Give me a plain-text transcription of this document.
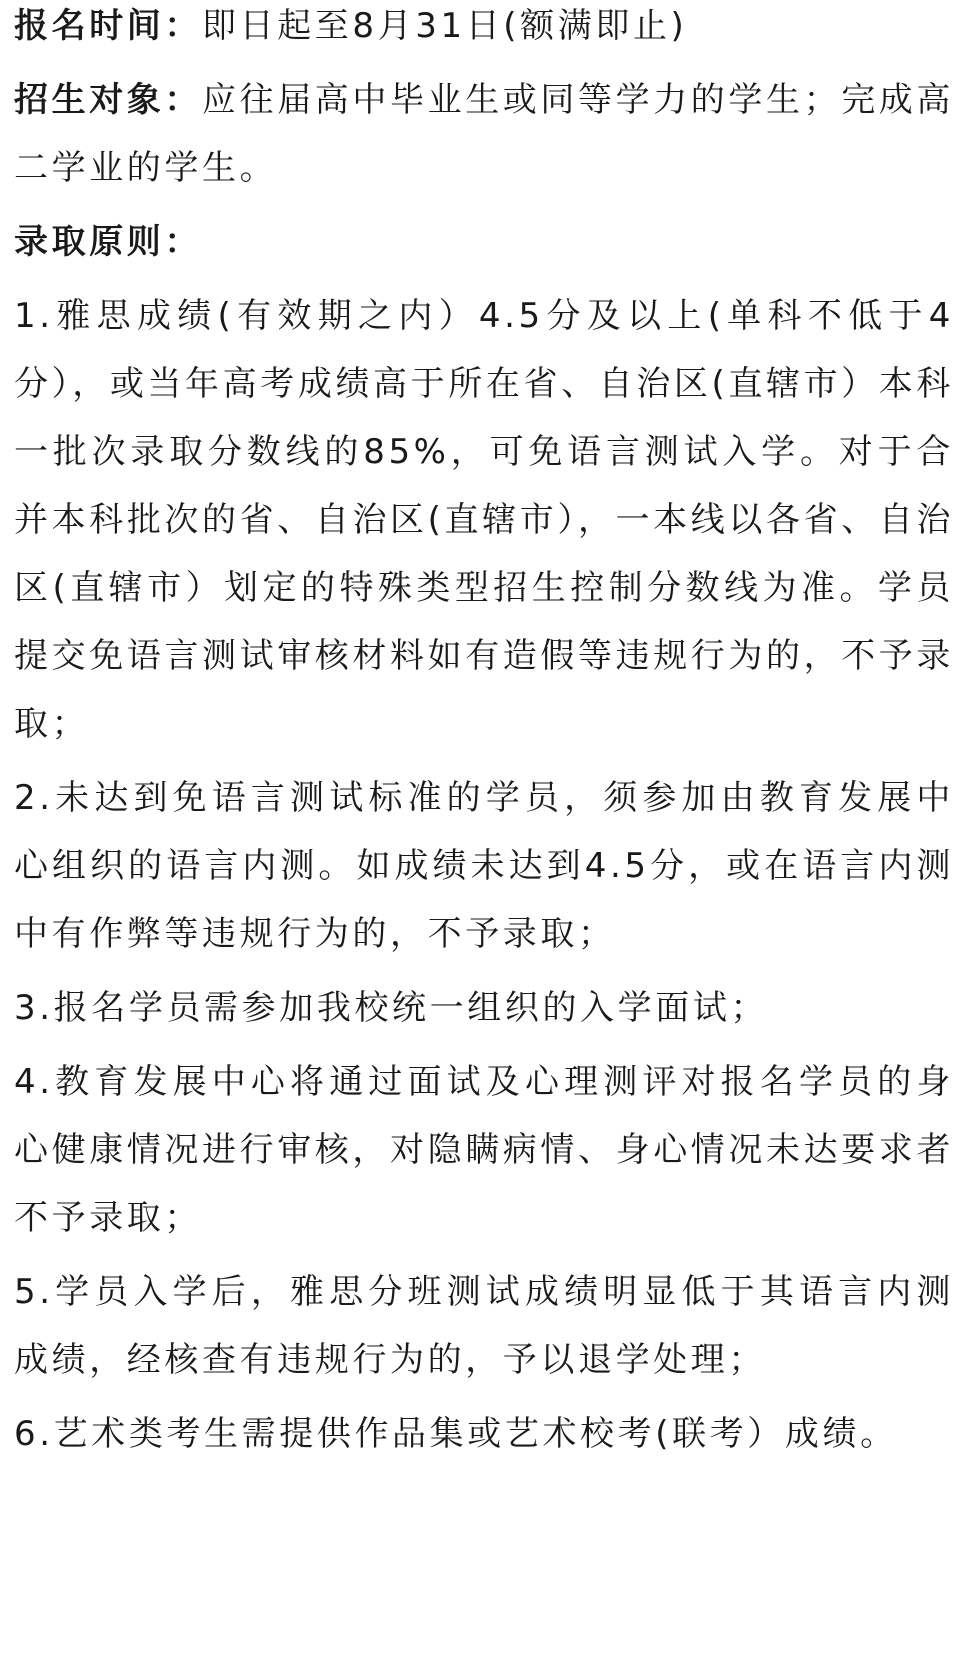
报名时间：即日起至8月31日(额满即止)

招生对象：应往届高中毕业生或同等学力的学生；完成高二学业的学生。

录取原则：

1.雅思成绩(有效期之内）4.5分及以上(单科不低于4分），或当年高考成绩高于所在省、自治区(直辖市）本科一批次录取分数线的85%，可免语言测试入学。对于合并本科批次的省、自治区(直辖市），一本线以各省、自治区(直辖市）划定的特殊类型招生控制分数线为准。学员提交免语言测试审核材料如有造假等违规行为的，不予录取；

2.未达到免语言测试标准的学员，须参加由教育发展中心组织的语言内测。如成绩未达到4.5分，或在语言内测中有作弊等违规行为的，不予录取；

3.报名学员需参加我校统一组织的入学面试；

4.教育发展中心将通过面试及心理测评对报名学员的身心健康情况进行审核，对隐瞒病情、身心情况未达要求者不予录取；

5.学员入学后，雅思分班测试成绩明显低于其语言内测成绩，经核查有违规行为的，予以退学处理；

6.艺术类考生需提供作品集或艺术校考(联考）成绩。
